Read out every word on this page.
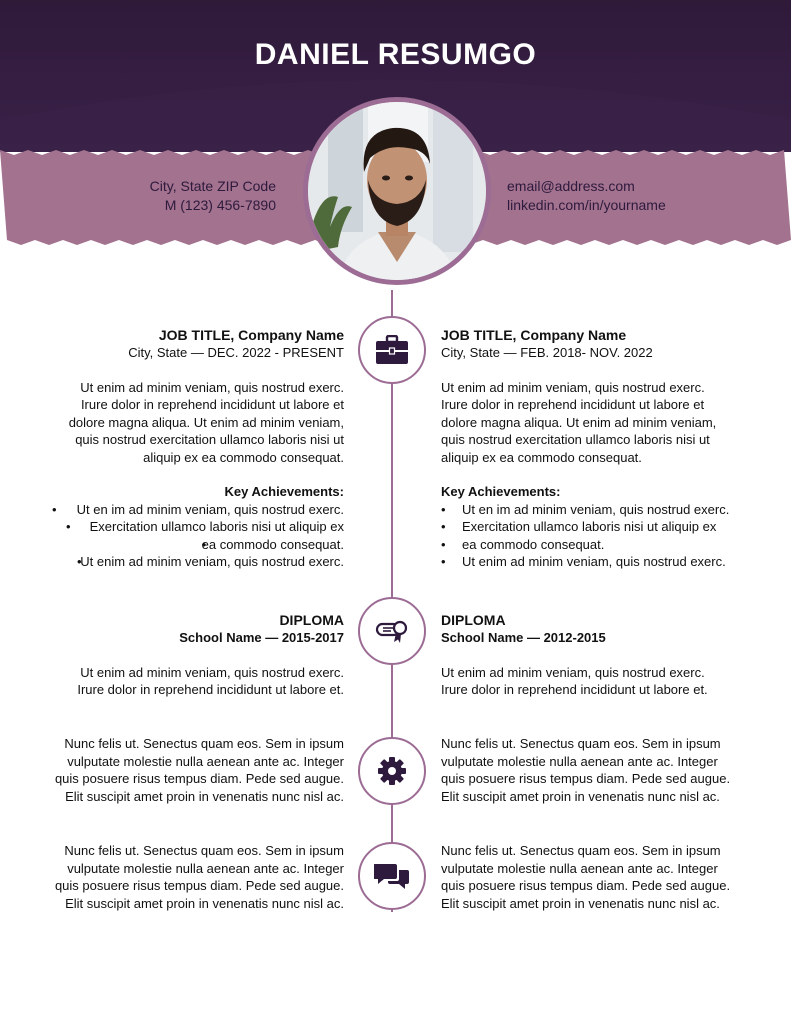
DANIEL RESUMGO
City, State ZIP Code
M (123) 456-7890
email@address.com
linkedin.com/in/yourname
JOB TITLE, Company Name
City, State — DEC. 2022 - PRESENT
Ut enim ad minim veniam, quis nostrud exerc.
Irure dolor in reprehend incididunt ut labore et
dolore magna aliqua. Ut enim ad minim veniam,
quis nostrud exercitation ullamco laboris nisi ut
aliquip ex ea commodo consequat.
Key Achievements:
• Ut en im ad minim veniam, quis nostrud exerc.
• Exercitation ullamco laboris nisi ut aliquip ex
• ea commodo consequat.
• Ut enim ad minim veniam, quis nostrud exerc.
JOB TITLE, Company Name
City, State — FEB. 2018- NOV. 2022
Ut enim ad minim veniam, quis nostrud exerc.
Irure dolor in reprehend incididunt ut labore et
dolore magna aliqua. Ut enim ad minim veniam,
quis nostrud exercitation ullamco laboris nisi ut
aliquip ex ea commodo consequat.
Key Achievements:
• Ut en im ad minim veniam, quis nostrud exerc.
• Exercitation ullamco laboris nisi ut aliquip ex
• ea commodo consequat.
• Ut enim ad minim veniam, quis nostrud exerc.
DIPLOMA
School Name — 2015-2017
Ut enim ad minim veniam, quis nostrud exerc.
Irure dolor in reprehend incididunt ut labore et.
DIPLOMA
School Name — 2012-2015
Ut enim ad minim veniam, quis nostrud exerc.
Irure dolor in reprehend incididunt ut labore et.
Nunc felis ut. Senectus quam eos. Sem in ipsum
vulputate molestie nulla aenean ante ac. Integer
quis posuere risus tempus diam. Pede sed augue.
Elit suscipit amet proin in venenatis nunc nisl ac.
Nunc felis ut. Senectus quam eos. Sem in ipsum
vulputate molestie nulla aenean ante ac. Integer
quis posuere risus tempus diam. Pede sed augue.
Elit suscipit amet proin in venenatis nunc nisl ac.
Nunc felis ut. Senectus quam eos. Sem in ipsum
vulputate molestie nulla aenean ante ac. Integer
quis posuere risus tempus diam. Pede sed augue.
Elit suscipit amet proin in venenatis nunc nisl ac.
Nunc felis ut. Senectus quam eos. Sem in ipsum
vulputate molestie nulla aenean ante ac. Integer
quis posuere risus tempus diam. Pede sed augue.
Elit suscipit amet proin in venenatis nunc nisl ac.
